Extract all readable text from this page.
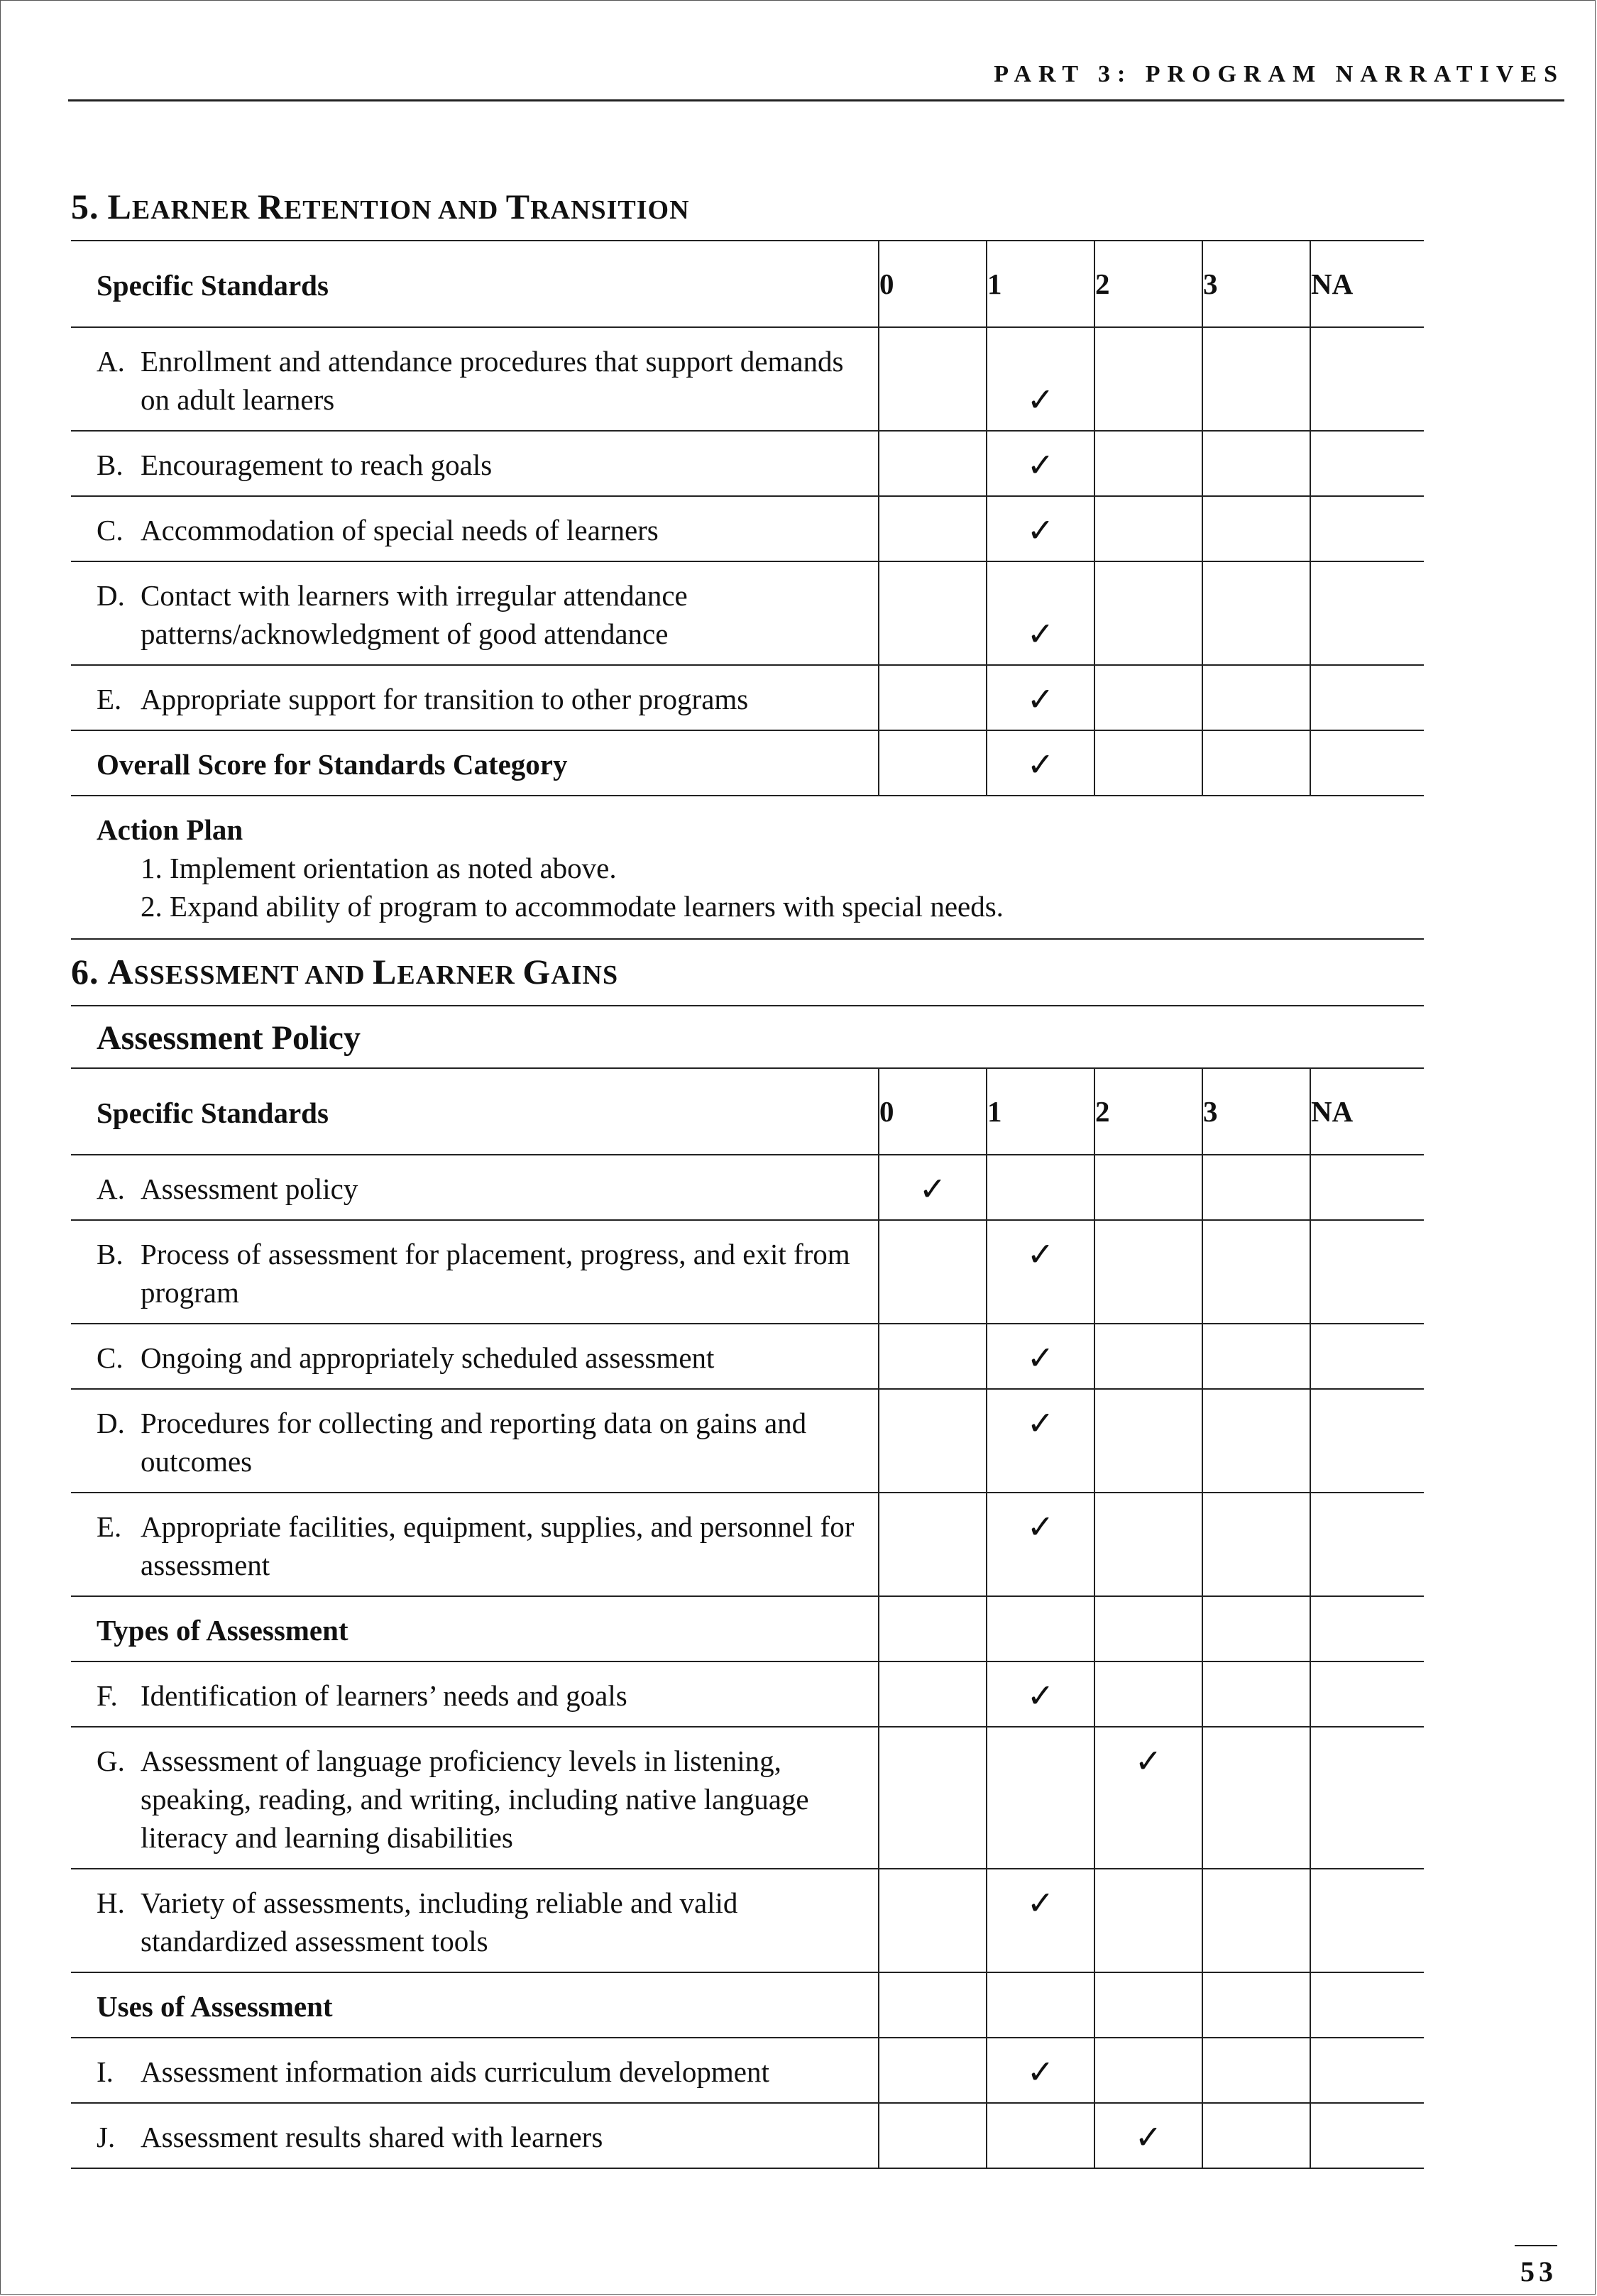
PART 3: PROGRAM NARRATIVES
5. LEARNER RETENTION AND TRANSITION
Specific Standards	0	1	2	3	NA

A. Enrollment and attendance procedures that support demands on adult learners		✓			

B. Encouragement to reach goals		✓			

C. Accommodation of special needs of learners		✓			

D. Contact with learners with irregular attendance patterns/acknowledgment of good attendance		✓			

E. Appropriate support for transition to other programs		✓			
Overall Score for Standards Category		✓			

Action Plan
1. Implement orientation as noted above.
2. Expand ability of program to accommodate learners with special needs.					
6. ASSESSMENT AND LEARNER GAINS
Assessment Policy					
Specific Standards	0	1	2	3	NA

A. Assessment policy	✓				

B. Process of assessment for placement, progress, and exit from program		✓			

C. Ongoing and appropriately scheduled assessment		✓			

D. Procedures for collecting and reporting data on gains and outcomes		✓			

E. Appropriate facilities, equipment, supplies, and personnel for assessment		✓			
Types of Assessment					

F. Identification of learners’ needs and goals		✓			

G. Assessment of language proficiency levels in listening, speaking, reading, and writing, including native language literacy and learning disabilities			✓		

H. Variety of assessments, including reliable and valid standardized assessment tools		✓			
Uses of Assessment					

I. Assessment information aids curriculum development		✓			

J. Assessment results shared with learners			✓		
53
